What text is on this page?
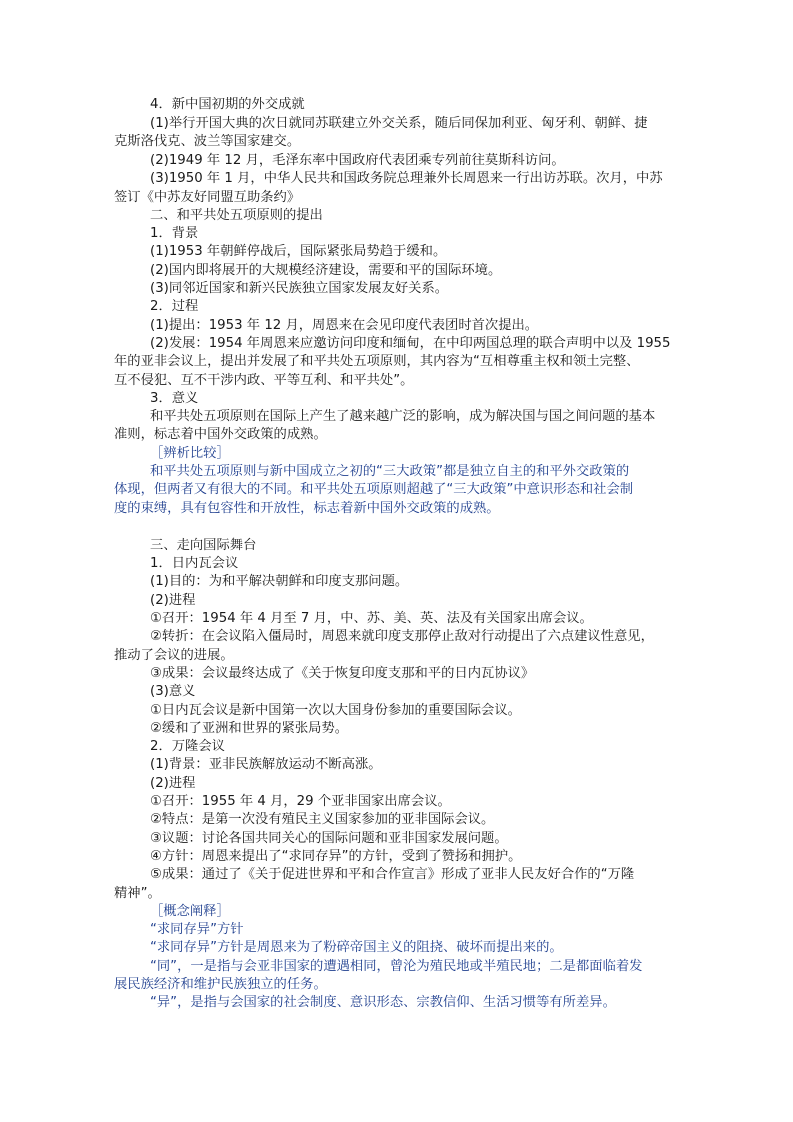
4．新中国初期的外交成就
(1)举行开国大典的次日就同苏联建立外交关系，随后同保加利亚、匈牙利、朝鲜、捷
克斯洛伐克、波兰等国家建交。
(2)1949 年 12 月，毛泽东率中国政府代表团乘专列前往莫斯科访问。
(3)1950 年 1 月，中华人民共和国政务院总理兼外长周恩来一行出访苏联。次月，中苏
签订《中苏友好同盟互助条约》
二、和平共处五项原则的提出
1．背景
(1)1953 年朝鲜停战后，国际紧张局势趋于缓和。
(2)国内即将展开的大规模经济建设，需要和平的国际环境。
(3)同邻近国家和新兴民族独立国家发展友好关系。
2．过程
(1)提出：1953 年 12 月，周恩来在会见印度代表团时首次提出。
(2)发展：1954 年周恩来应邀访问印度和缅甸，在中印两国总理的联合声明中以及 1955
年的亚非会议上，提出并发展了和平共处五项原则，其内容为“互相尊重主权和领土完整、
互不侵犯、互不干涉内政、平等互利、和平共处”。
3．意义
和平共处五项原则在国际上产生了越来越广泛的影响，成为解决国与国之间问题的基本
准则，标志着中国外交政策的成熟。
［辨析比较］
和平共处五项原则与新中国成立之初的“三大政策”都是独立自主的和平外交政策的
体现，但两者又有很大的不同。和平共处五项原则超越了“三大政策”中意识形态和社会制
度的束缚，具有包容性和开放性，标志着新中国外交政策的成熟。
三、走向国际舞台
1．日内瓦会议
(1)目的：为和平解决朝鲜和印度支那问题。
(2)进程
①召开：1954 年 4 月至 7 月，中、苏、美、英、法及有关国家出席会议。
②转折：在会议陷入僵局时，周恩来就印度支那停止敌对行动提出了六点建议性意见，
推动了会议的进展。
③成果：会议最终达成了《关于恢复印度支那和平的日内瓦协议》
(3)意义
①日内瓦会议是新中国第一次以大国身份参加的重要国际会议。
②缓和了亚洲和世界的紧张局势。
2．万隆会议
(1)背景：亚非民族解放运动不断高涨。
(2)进程
①召开：1955 年 4 月，29 个亚非国家出席会议。
②特点：是第一次没有殖民主义国家参加的亚非国际会议。
③议题：讨论各国共同关心的国际问题和亚非国家发展问题。
④方针：周恩来提出了“求同存异”的方针，受到了赞扬和拥护。
⑤成果：通过了《关于促进世界和平和合作宣言》形成了亚非人民友好合作的“万隆
精神”。
［概念阐释］
“求同存异”方针
“求同存异”方针是周恩来为了粉碎帝国主义的阻挠、破坏而提出来的。
“同”，一是指与会亚非国家的遭遇相同，曾沦为殖民地或半殖民地；二是都面临着发
展民族经济和维护民族独立的任务。
“异”，是指与会国家的社会制度、意识形态、宗教信仰、生活习惯等有所差异。
